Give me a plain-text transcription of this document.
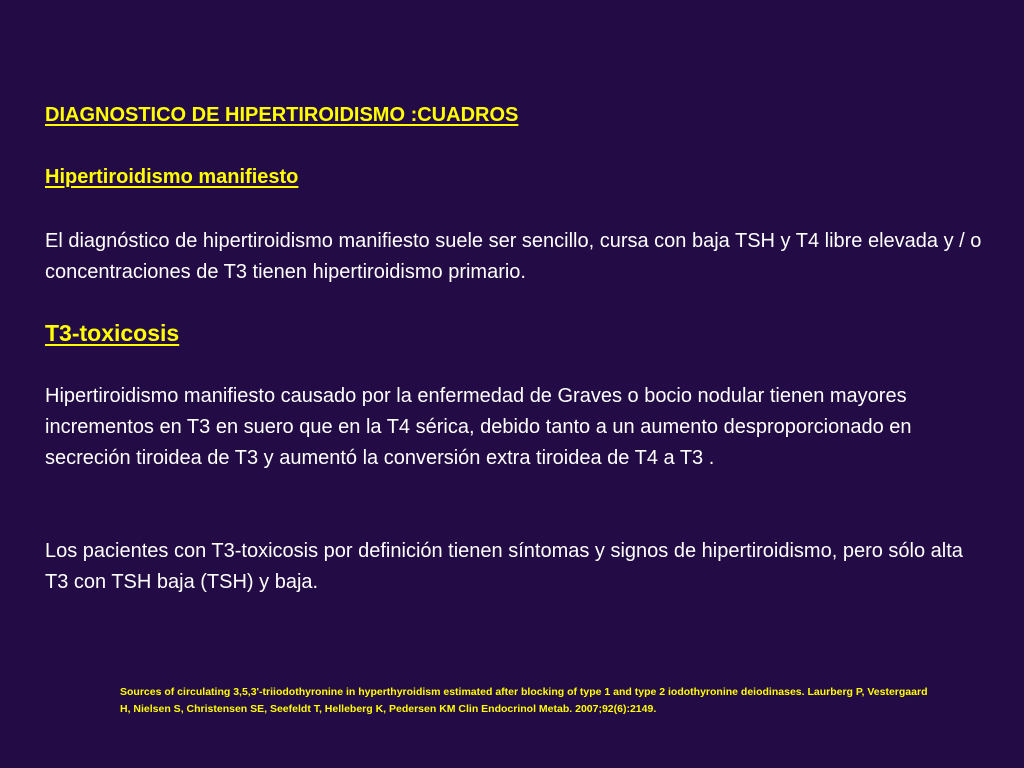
DIAGNOSTICO DE HIPERTIROIDISMO :CUADROS
Hipertiroidismo manifiesto

El diagnóstico de hipertiroidismo manifiesto suele ser sencillo, cursa con baja TSH y T4 libre elevada y / o concentraciones de T3 tienen hipertiroidismo primario.

T3-toxicosis

Hipertiroidismo manifiesto causado por la enfermedad de Graves o bocio nodular tienen mayores incrementos en T3 en suero que en la T4 sérica, debido tanto a un aumento desproporcionado en secreción tiroidea de T3 y aumentó la conversión extra tiroidea de T4 a T3 .

Los pacientes con T3-toxicosis por definición tienen síntomas y signos de hipertiroidismo, pero sólo alta T3 con TSH baja (TSH) y baja.

Sources of circulating 3,5,3'-triiodothyronine in hyperthyroidism estimated after blocking of type 1 and type 2 iodothyronine deiodinases. Laurberg P, Vestergaard H, Nielsen S, Christensen SE, Seefeldt T, Helleberg K, Pedersen KM Clin Endocrinol Metab. 2007;92(6):2149.
